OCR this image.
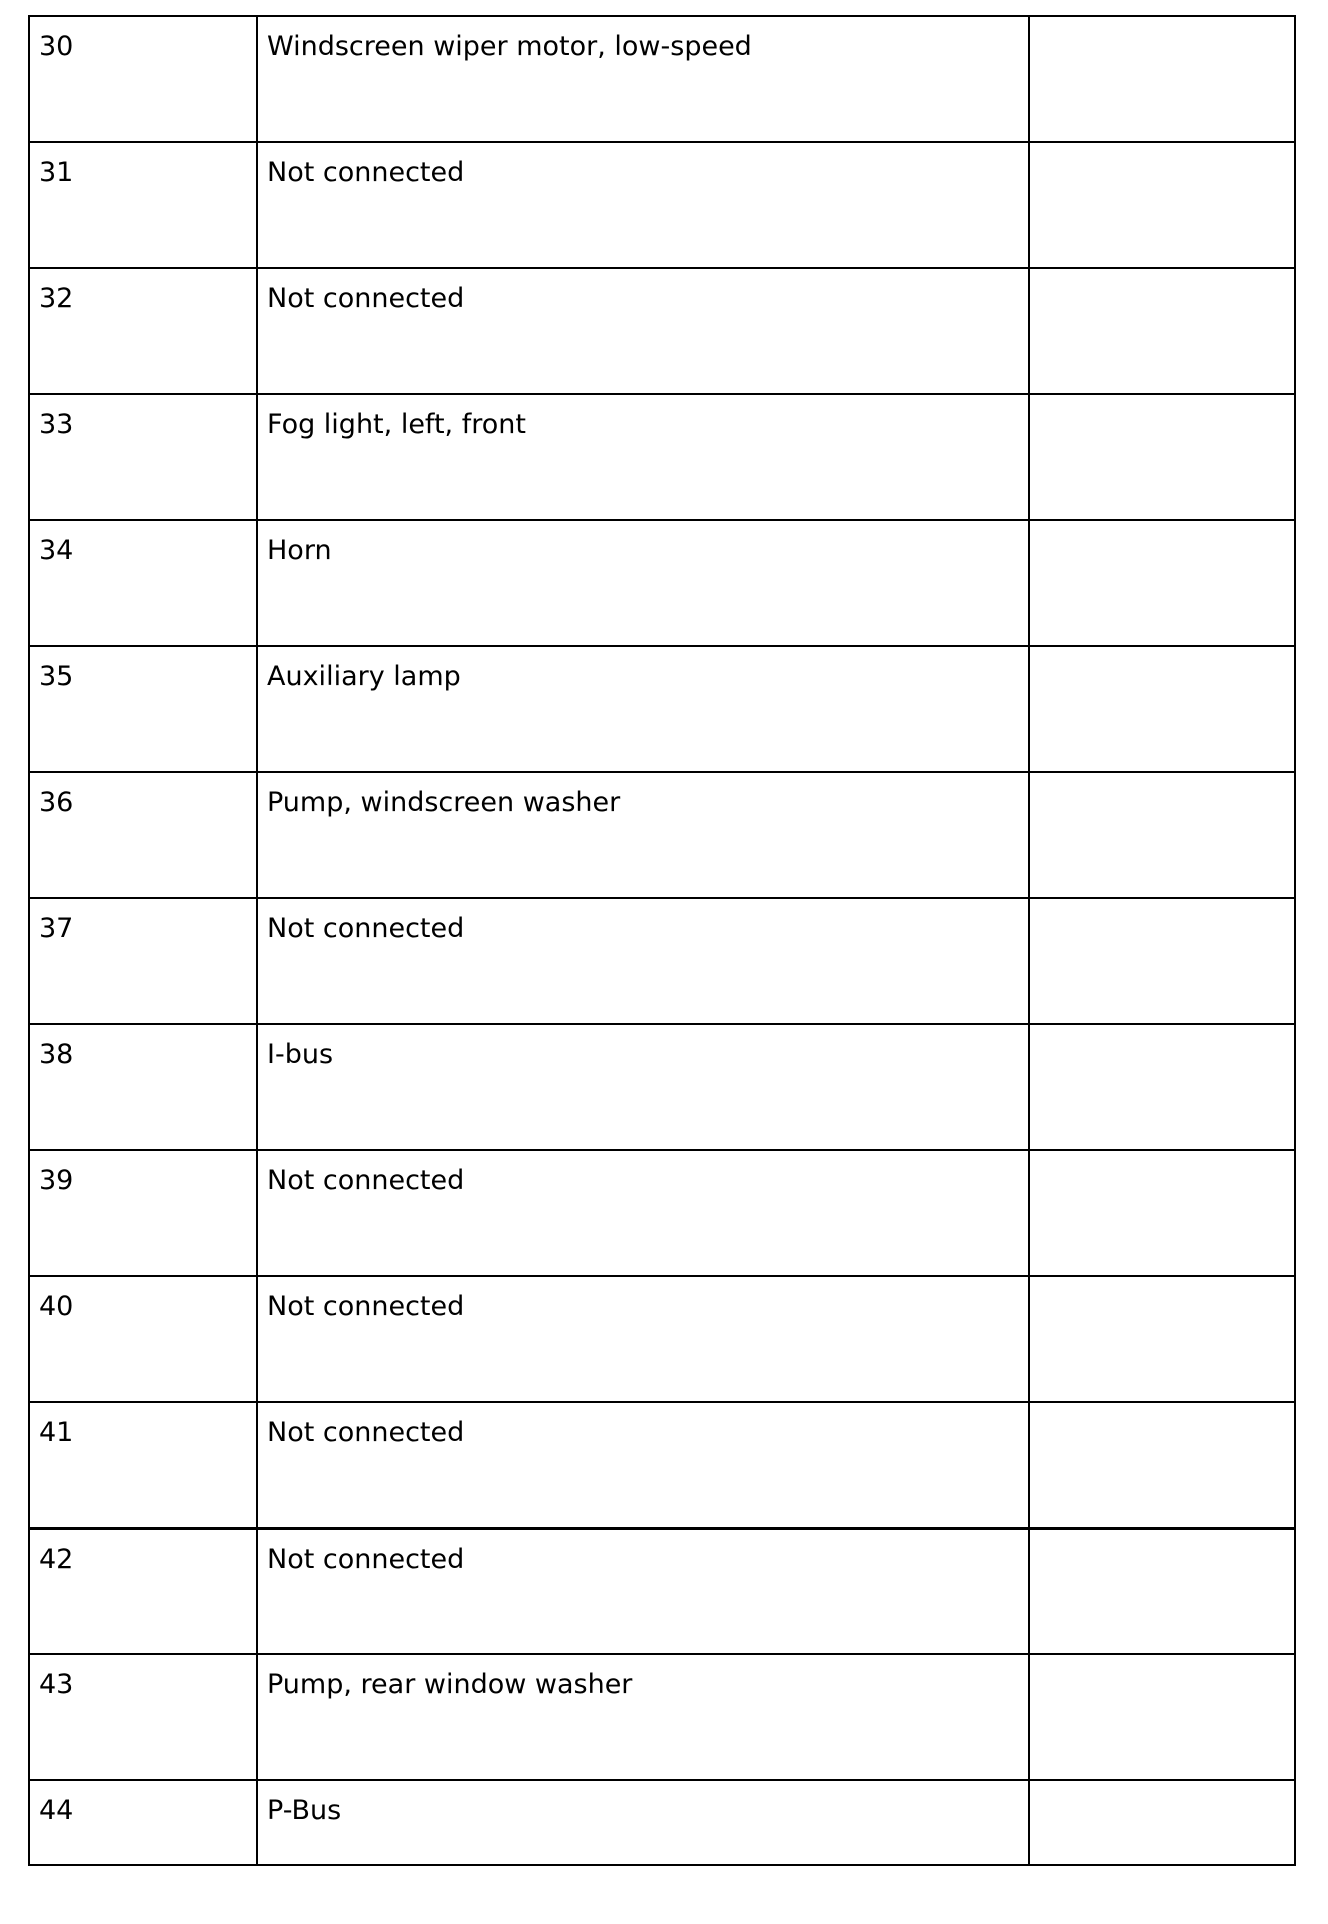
30	Windscreen wiper motor, low-speed	
31	Not connected	
32	Not connected	
33	Fog light, left, front	
34	Horn	
35	Auxiliary lamp	
36	Pump, windscreen washer	
37	Not connected	
38	I-bus	
39	Not connected	
40	Not connected	
41	Not connected	
42	Not connected	
43	Pump, rear window washer	
44	P-Bus	
